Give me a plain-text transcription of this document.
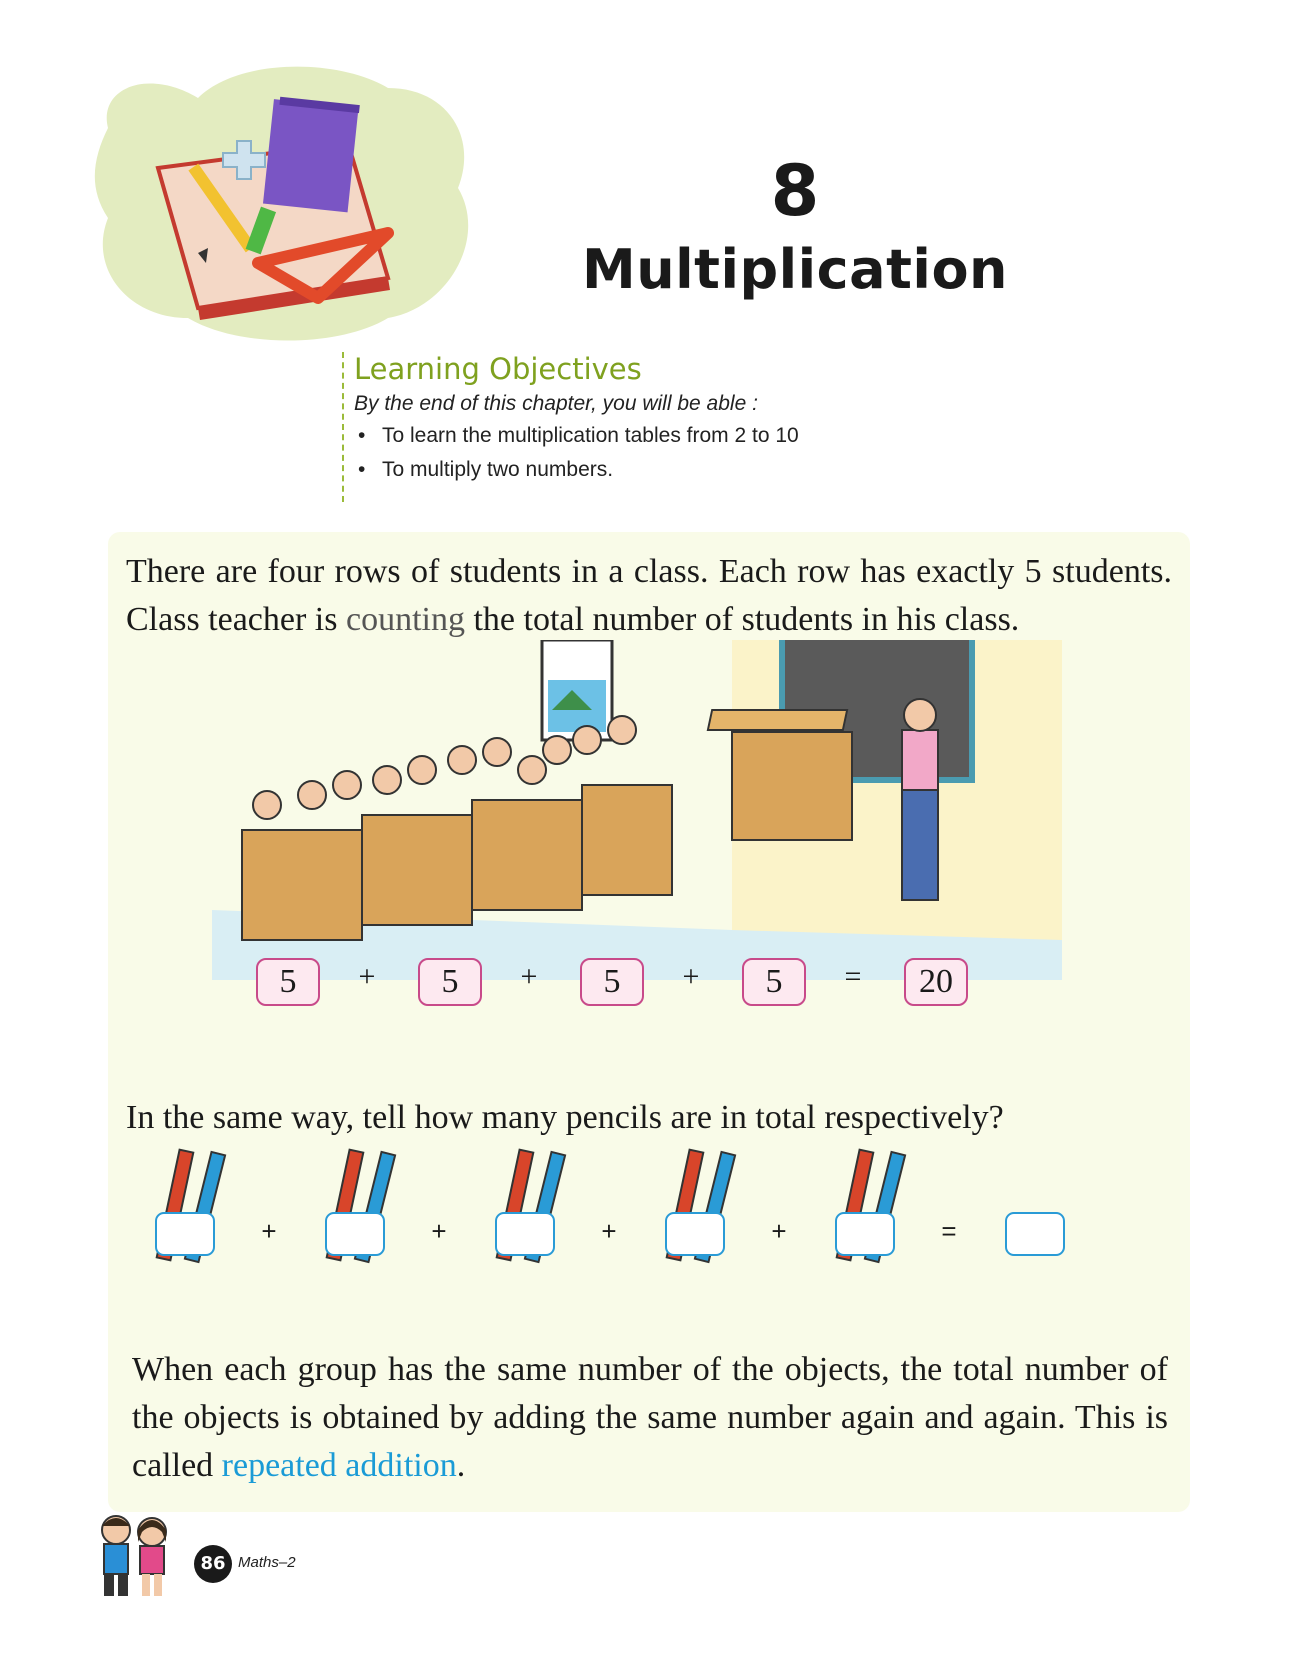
8
Multiplication
Learning Objectives
By the end of this chapter, you will be able :
• To learn the multiplication tables from 2 to 10
• To multiply two numbers.
There are four rows of students in a class. Each row has exactly 5 students. Class teacher is counting the total number of students in his class.
5	+	5	+	5	+	5	=	20
In the same way, tell how many pencils are in total respectively?
+	+	+	+	=
When each group has the same number of the objects, the total number of the objects is obtained by adding the same number again and again. This is called repeated addition.
86 Maths–2
